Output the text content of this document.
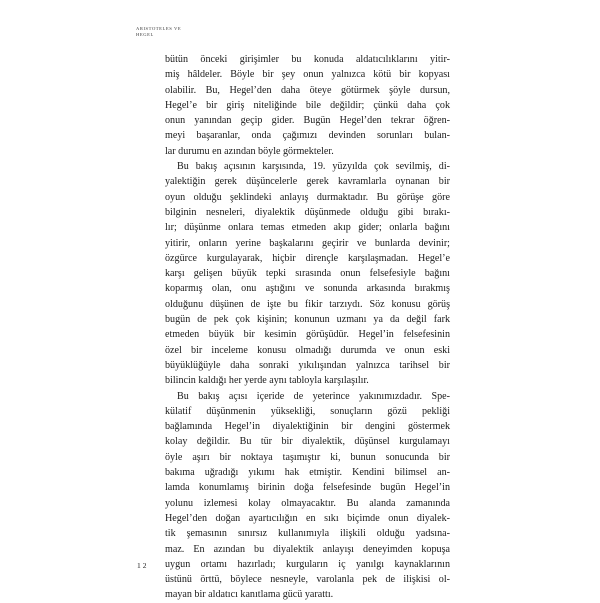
ARISTOTELES VE
HEGEL
bütün önceki girişimler bu konuda aldatıcılıklarını yitir-
miş hâldeler. Böyle bir şey onun yalnızca kötü bir kopyası
olabilir. Bu, Hegel’den daha öteye götürmek şöyle dursun,
Hegel’e bir giriş niteliğinde bile değildir; çünkü daha çok
onun yanından geçip gider. Bugün Hegel’den tekrar öğren-
meyi başaranlar, onda çağımızı devinden sorunları bulan-
lar durumu en azından böyle görmekteler.
Bu bakış açısının karşısında, 19. yüzyılda çok sevilmiş, di-
yalektiğin gerek düşüncelerle gerek kavramlarla oynanan bir
oyun olduğu şeklindeki anlayış durmaktadır. Bu görüşe göre
bilginin nesneleri, diyalektik düşünmede olduğu gibi bırakı-
lır; düşünme onlara temas etmeden akıp gider; onlarla bağını
yitirir, onların yerine başkalarını geçirir ve bunlarda devinir;
özgürce kurgulayarak, hiçbir dirençle karşılaşmadan. Hegel’e
karşı gelişen büyük tepki sırasında onun felsefesiyle bağını
koparmış olan, onu aştığını ve sonunda arkasında bırakmış
olduğunu düşünen de işte bu fikir tarzıydı. Söz konusu görüş
bugün de pek çok kişinin; konunun uzmanı ya da değil fark
etmeden büyük bir kesimin görüşüdür. Hegel’in felsefesinin
özel bir inceleme konusu olmadığı durumda ve onun eski
büyüklüğüyle daha sonraki yıkılışından yalnızca tarihsel bir
bilincin kaldığı her yerde aynı tabloyla karşılaşılır.
Bu bakış açısı içeride de yeterince yakınımızdadır. Spe-
külatif düşünmenin yüksekliği, sonuçların gözü pekliği
bağlamında Hegel’in diyalektiğinin bir dengini göstermek
kolay değildir. Bu tür bir diyalektik, düşünsel kurgulamayı
öyle aşırı bir noktaya taşımıştır ki, bunun sonucunda bir
bakıma uğradığı yıkımı hak etmiştir. Kendini bilimsel an-
lamda konumlamış birinin doğa felsefesinde bugün Hegel’in
yolunu izlemesi kolay olmayacaktır. Bu alanda zamanında
Hegel’den doğan ayartıcılığın en sıkı biçimde onun diyalek-
tik şemasının sınırsız kullanımıyla ilişkili olduğu yadsına-
maz. En azından bu diyalektik anlayışı deneyimden kopuşa
uygun ortamı hazırladı; kurguların iç yanılgı kaynaklarının
üstünü örttü, böylece nesneyle, varolanla pek de ilişkisi ol-
mayan bir aldatıcı kanıtlama gücü yarattı.
12
